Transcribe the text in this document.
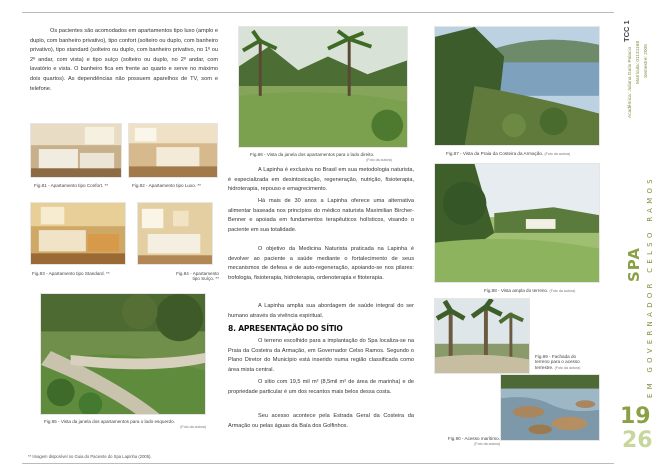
Os pacientes são acomodados em apartamentos tipo luxo (amplo e duplo, com banheiro privativo), tipo confort (solteiro ou duplo, com banheiro privativo), tipo standard (solteiro ou duplo, com banheiro privativo, no 1º ou 2º andar, com vista) e tipo suíço (solteiro ou duplo, no 2º andar, com lavatório e vista. O banheiro fica em frente ao quarto e serve no máximo dois quartos). As dependências não possuem aparelhos de TV, som e telefone.

Fig.81 - Apartamento tipo Confort. **	Fig.82 - Apartamento tipo Luxo. **
Fig.83 - Apartamento tipo Standard. **	Fig.84 - Apartamento
tipo Suíço. **
Fig.85 - Vista da janela dos apartamentos para o lado esquerdo.
(Foto da autora)
** Imagem disponível no Guia do Paciente do Spa Lapinha (2005).
Fig.86 - Vista da janela dos apartamentos para o lado direito.
(Foto da autora)

A Lapinha é exclusiva no Brasil em sua metodologia naturista, é especializada em desintoxicação, regeneração, nutrição, fisioterapia, hidroterapia, repouso e emagrecimento.

Há mais de 30 anos a Lapinha oferece uma alternativa alimentar baseada nos princípios do médico naturista Maximilian Bircher-Benner e apoiada em fundamentos terapêuticos holísticos, visando o paciente em sua totalidade.

O objetivo da Medicina Naturista praticada na Lapinha é devolver ao paciente a saúde mediante o fortalecimento de seus mecanismos de defesa e de auto-regeneração, apoiando-se nos pilares: trofologia, fisioterapia, hidroterapia, ordenoterapia e fitoterapia.

A Lapinha amplia sua abordagem de saúde integral do ser humano através da vivência espiritual.

8. APRESENTAÇÃO DO SÍTIO

O terreno escolhido para a implantação do Spa localiza-se na Praia da Costeira da Armação, em Governador Celso Ramos. Segundo o Plano Diretor do Município está inserido numa região classificada como área mista central.

O sítio com 19,5 mil m² (8,5mil m² de área de marinha) e de propriedade particular é um dos recantos mais belos dessa costa.

Seu acesso acontece pela Estrada Geral da Costeira da Armação ou pelas águas da Baía dos Golfinhos.

Fig.87 - Vista da Praia da Costeira da Armação. (Foto da autora)
Fig.88 - Vista ampla do terreno. (Foto da autora)
Fig.89 - Fachada do
terreno para o acesso
terrestre. (Foto da autora)
Fig.90 - Acesso marítimo.
(Foto da autora)
TCC 1
Acadêmica: Juliana Gatis Palacio Matrícula: 01131168 Semestre: 2005
SPA EM GOVERNADOR CELSO RAMOS
19
26
